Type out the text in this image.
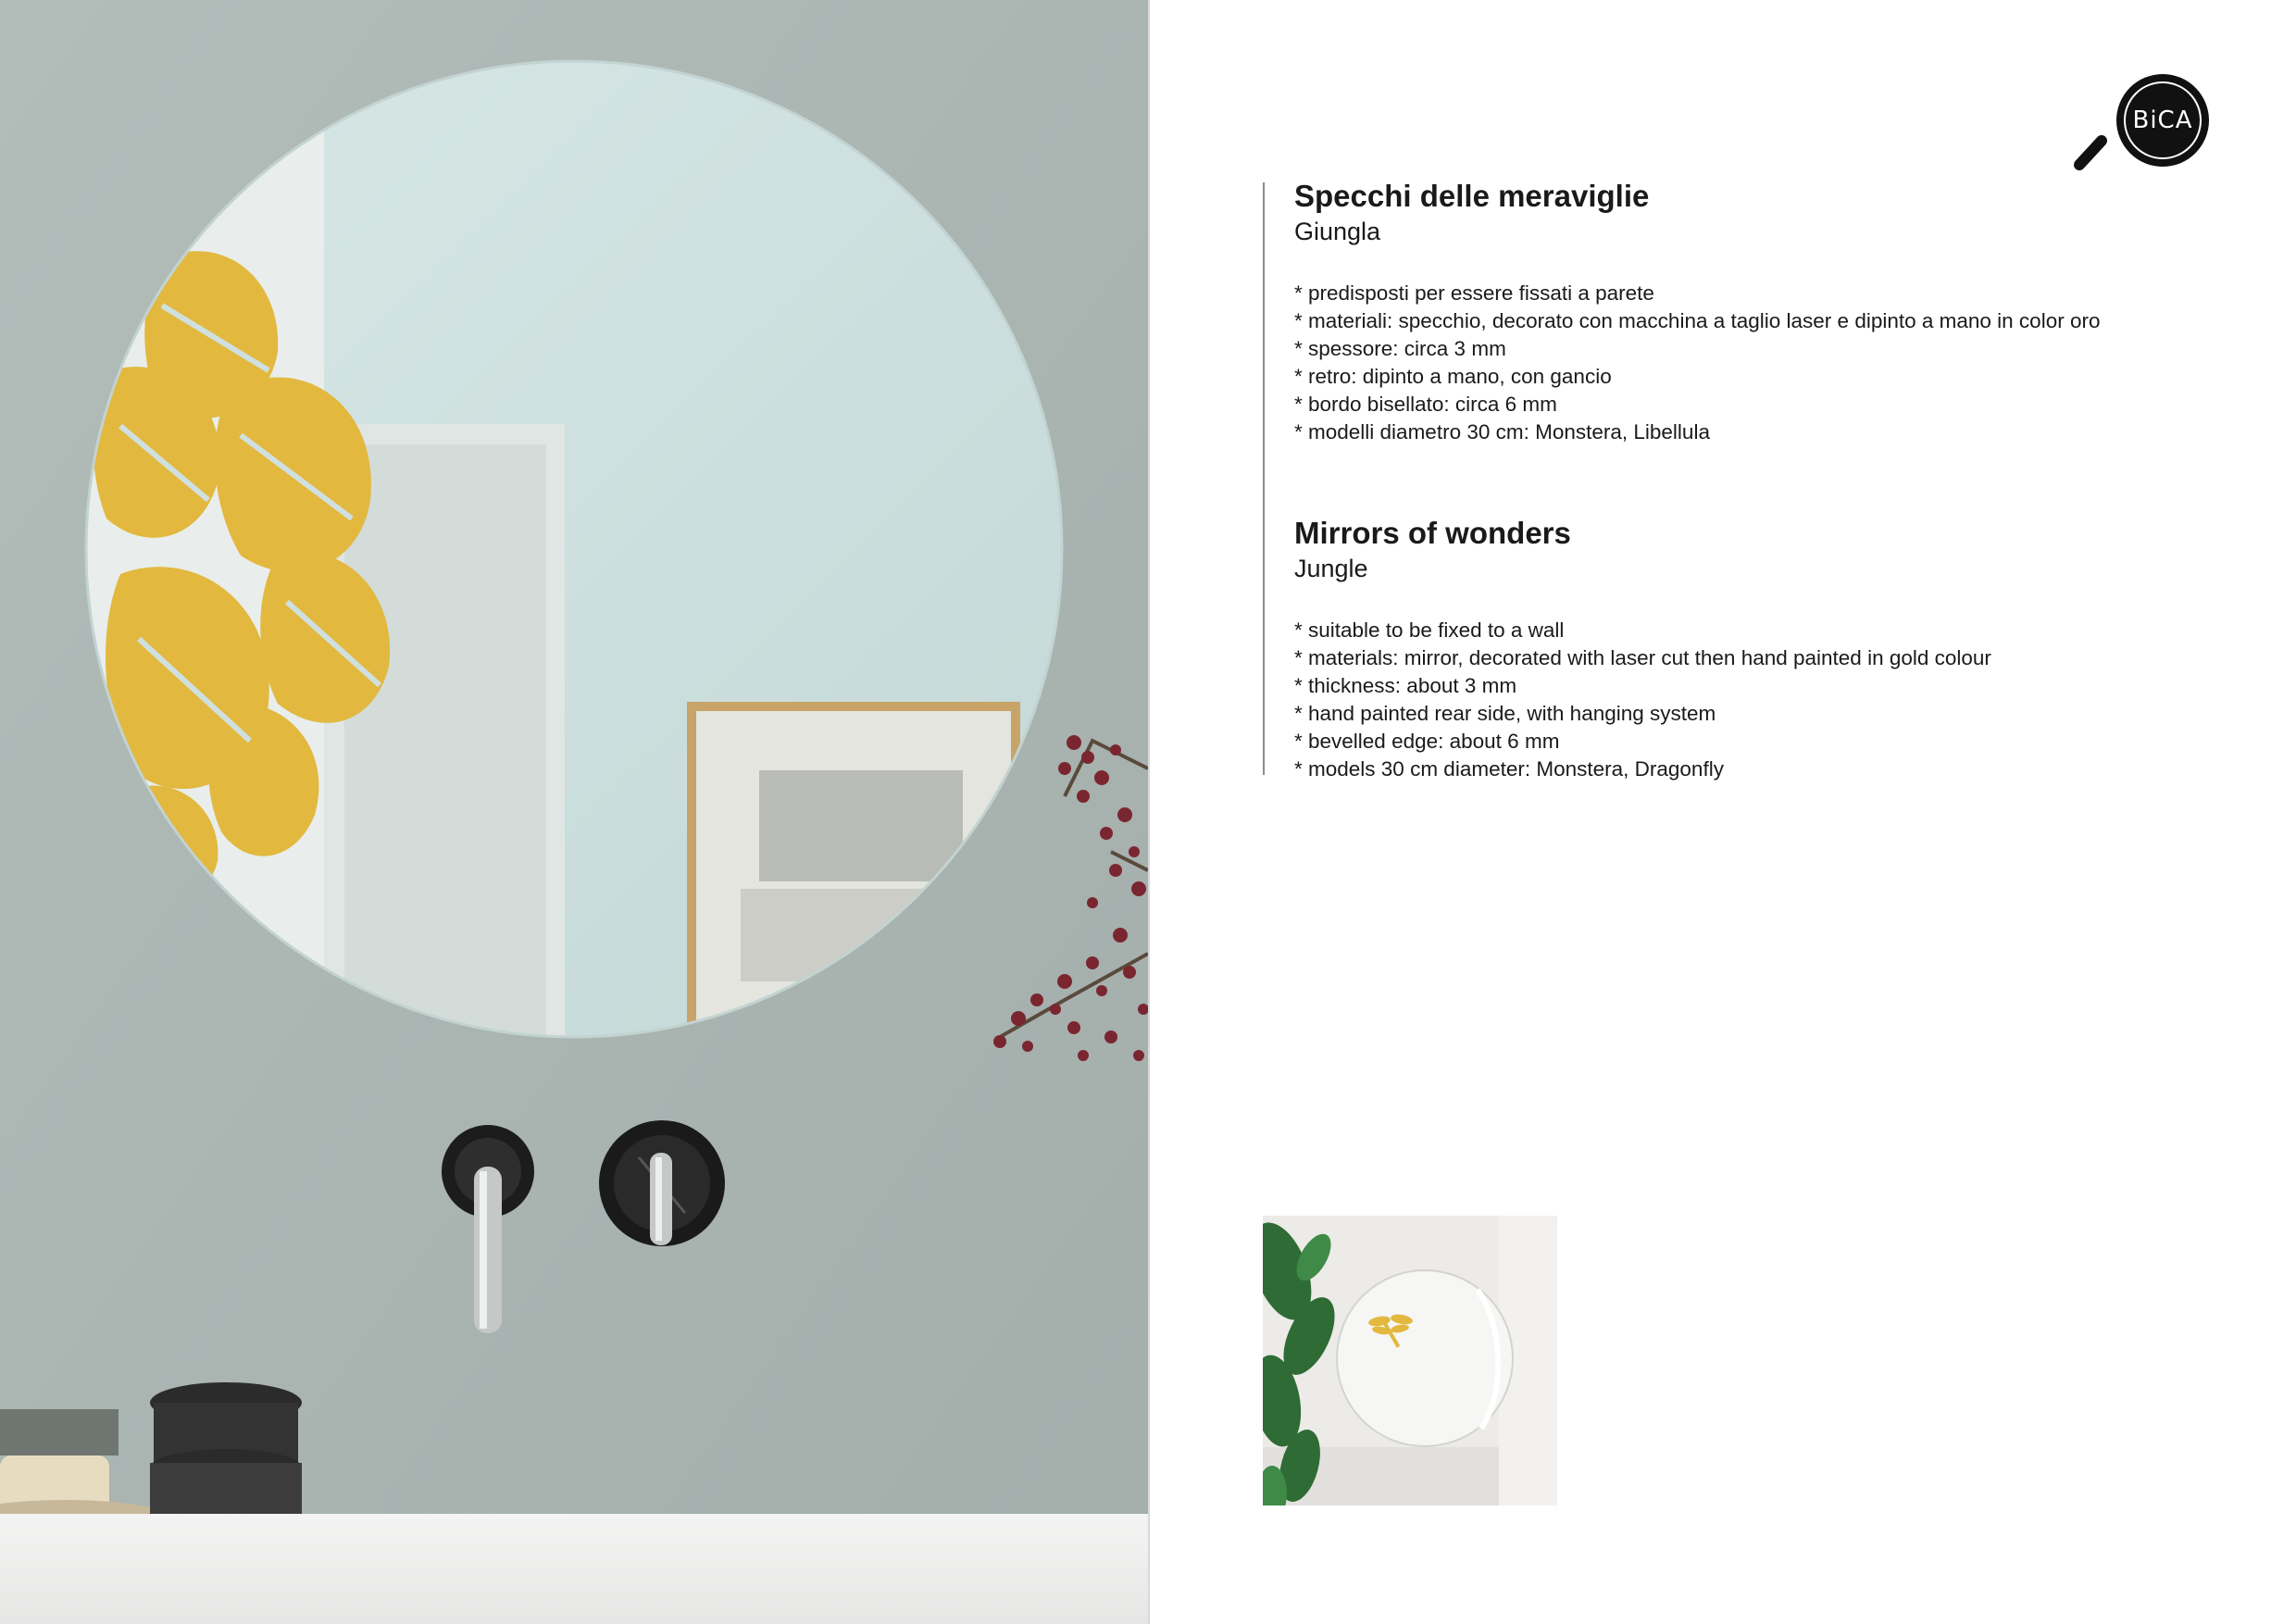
BiCA
Specchi delle meraviglie

Giungla

* predisposti per essere fissati a parete
* materiali: specchio, decorato con macchina a taglio laser e dipinto a mano in color oro
* spessore: circa 3 mm
* retro: dipinto a mano, con gancio
* bordo bisellato: circa 6 mm
* modelli diametro 30 cm: Monstera, Libellula
Mirrors of wonders

Jungle

* suitable to be fixed to a wall
* materials: mirror, decorated with laser cut then hand painted in gold colour
* thickness: about 3 mm
* hand painted rear side, with hanging system
* bevelled edge: about 6 mm
* models 30 cm diameter: Monstera, Dragonfly
